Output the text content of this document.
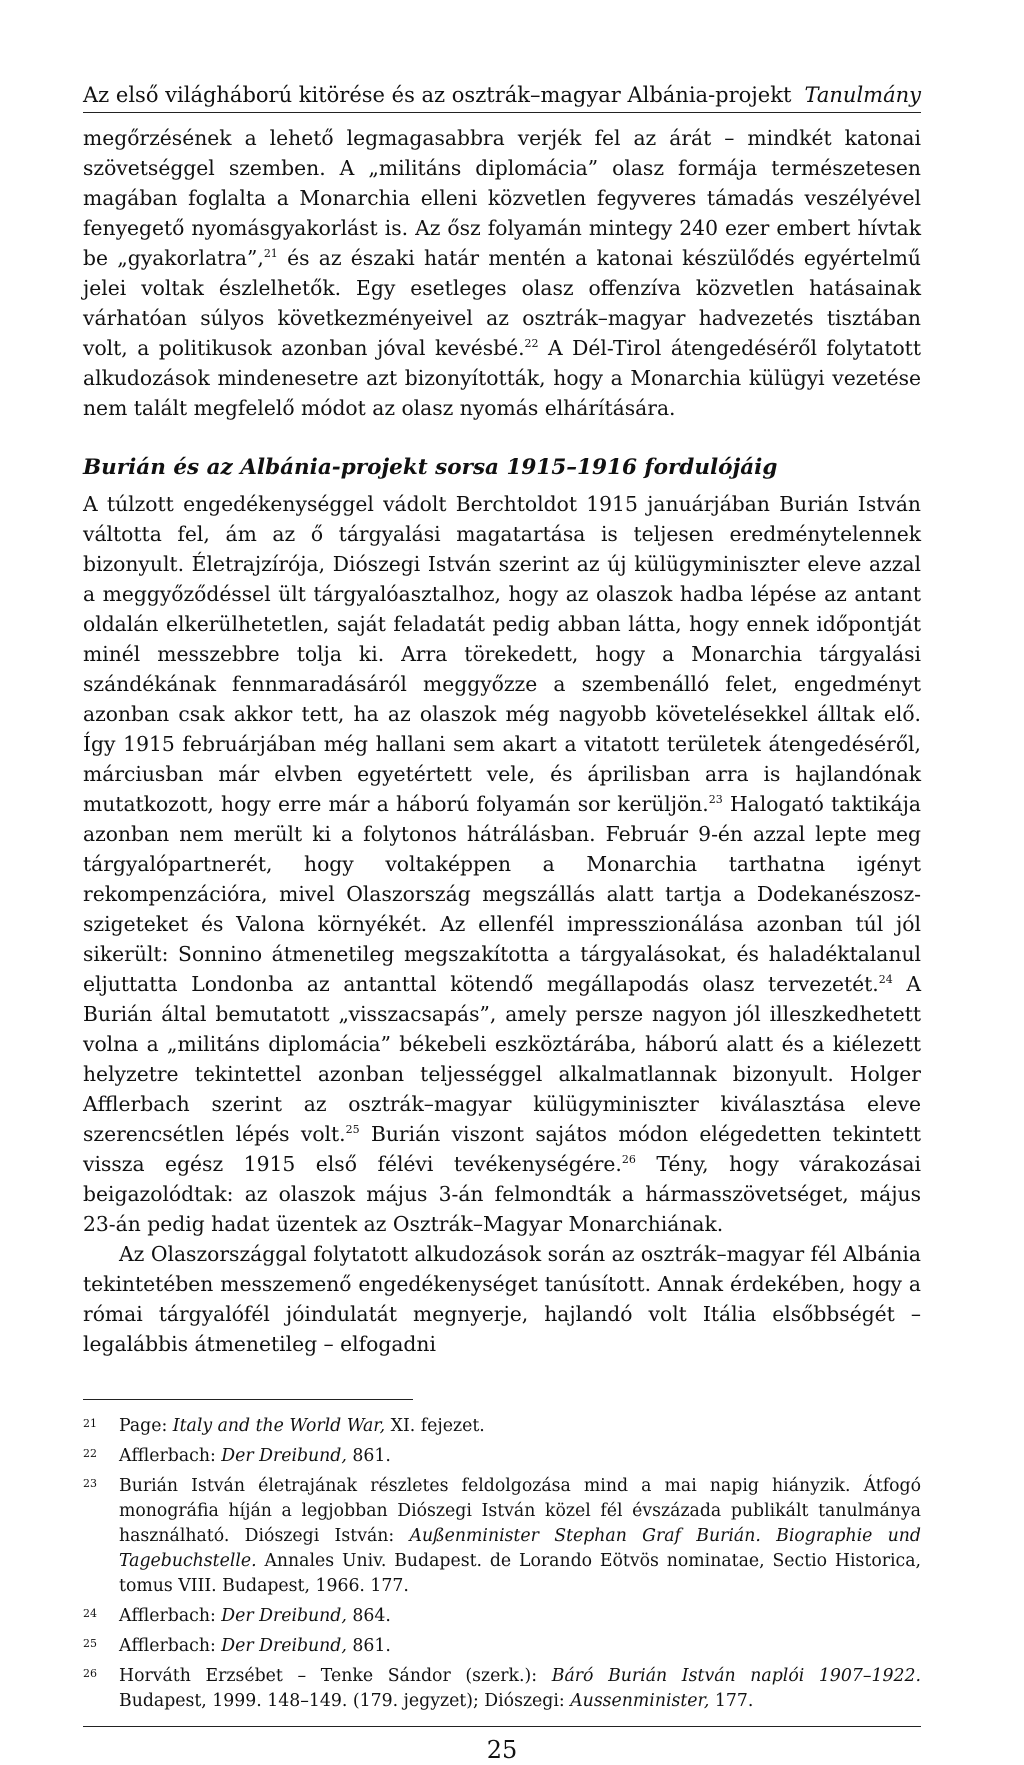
Az első világháború kitörése és az osztrák–magyar Albánia-projekt Tanulmány

megőrzésének a lehető legmagasabbra verjék fel az árát – mindkét katonai szövetséggel szemben. A „militáns diplomácia” olasz formája természetesen magában foglalta a Monarchia elleni közvetlen fegyveres támadás veszélyével fenyegető nyomásgyakorlást is. Az ősz folyamán mintegy 240 ezer embert hívtak be „gyakorlatra”,$^{21}$ és az északi határ mentén a katonai készülődés egyértelmű jelei voltak észlelhetők. Egy esetleges olasz offenzíva közvetlen hatásainak várhatóan súlyos következményeivel az osztrák–magyar hadvezetés tisztában volt, a politikusok azonban jóval kevésbé.$^{22}$ A Dél-Tirol átengedéséről folytatott alkudozások mindenesetre azt bizonyították, hogy a Monarchia külügyi vezetése nem talált megfelelő módot az olasz nyomás elhárítására.

Burián és az Albánia-projekt sorsa 1915–1916 fordulójáig

A túlzott engedékenységgel vádolt Berchtoldot 1915 januárjában Burián István váltotta fel, ám az ő tárgyalási magatartása is teljesen eredménytelennek bizonyult. Életrajzírója, Diószegi István szerint az új külügyminiszter eleve azzal a meggyőződéssel ült tárgyalóasztalhoz, hogy az olaszok hadba lépése az antant oldalán elkerülhetetlen, saját feladatát pedig abban látta, hogy ennek időpontját minél messzebbre tolja ki. Arra törekedett, hogy a Monarchia tárgyalási szándékának fennmaradásáról meggyőzze a szembenálló felet, engedményt azonban csak akkor tett, ha az olaszok még nagyobb követelésekkel álltak elő. Így 1915 februárjában még hallani sem akart a vitatott területek átengedéséről, márciusban már elvben egyetértett vele, és áprilisban arra is hajlandónak mutatkozott, hogy erre már a háború folyamán sor kerüljön.$^{23}$ Halogató taktikája azonban nem merült ki a folytonos hátrálásban. Február 9-én azzal lepte meg tárgyalópartnerét, hogy voltaképpen a Monarchia tarthatna igényt rekompenzációra, mivel Olaszország megszállás alatt tartja a Dodekanészosz-szigeteket és Valona környékét. Az ellenfél impresszionálása azonban túl jól sikerült: Sonnino átmenetileg megszakította a tárgyalásokat, és haladéktalanul eljuttatta Londonba az antanttal kötendő megállapodás olasz tervezetét.$^{24}$ A Burián által bemutatott „visszacsapás”, amely persze nagyon jól illeszkedhetett volna a „militáns diplomácia” békebeli eszköztárába, háború alatt és a kiélezett helyzetre tekintettel azonban teljességgel alkalmatlannak bizonyult. Holger Afflerbach szerint az osztrák–magyar külügyminiszter kiválasztása eleve szerencsétlen lépés volt.$^{25}$ Burián viszont sajátos módon elégedetten tekintett vissza egész 1915 első félévi tevékenységére.$^{26}$ Tény, hogy várakozásai beigazolódtak: az olaszok május 3-án felmondták a hármasszövetséget, május 23-án pedig hadat üzentek az Osztrák–Magyar Monarchiának.

Az Olaszországgal folytatott alkudozások során az osztrák–magyar fél Albánia tekintetében messzemenő engedékenységet tanúsított. Annak érdekében, hogy a római tárgyalófél jóindulatát megnyerje, hajlandó volt Itália elsőbbségét – legalábbis átmenetileg – elfogadni

21	Page: Italy and the World War, XI. fejezet.
22	Afflerbach: Der Dreibund, 861.
23	Burián István életrajának részletes feldolgozása mind a mai napig hiányzik. Átfogó monográfia híján a legjobban Diószegi István közel fél évszázada publikált tanulmánya használható. Diószegi István: Außenminister Stephan Graf Burián. Biographie und Tagebuchstelle. Annales Univ. Budapest. de Lorando Eötvös nominatae, Sectio Historica, tomus VIII. Budapest, 1966. 177.
24	Afflerbach: Der Dreibund, 864.
25	Afflerbach: Der Dreibund, 861.
26	Horváth Erzsébet – Tenke Sándor (szerk.): Báró Burián István naplói 1907–1922. Budapest, 1999. 148–149. (179. jegyzet); Diószegi: Aussenminister, 177.
25
